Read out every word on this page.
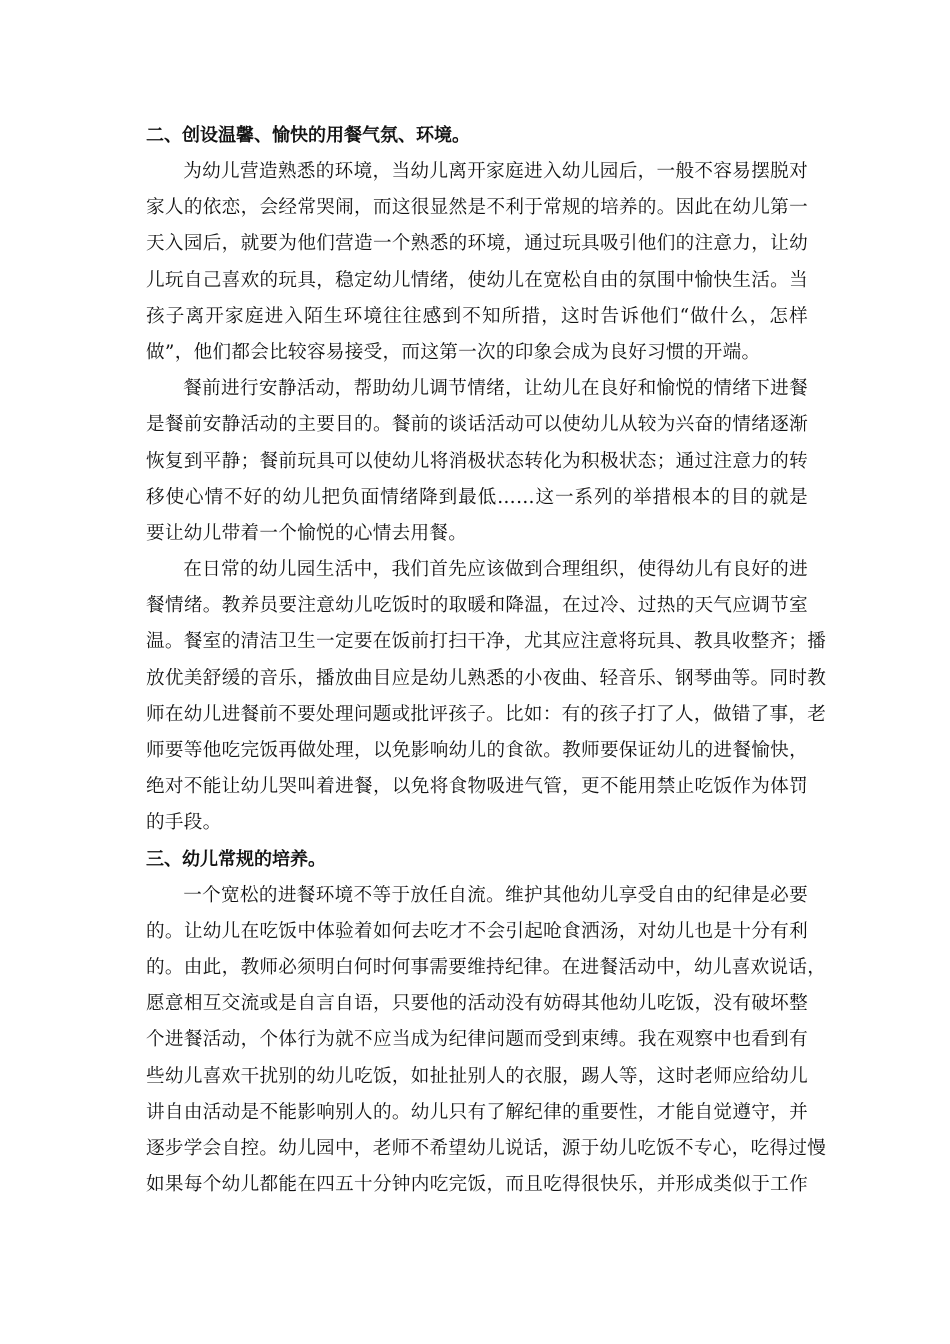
二、创设温馨、愉快的用餐气氛、环境。
为幼儿营造熟悉的环境，当幼儿离开家庭进入幼儿园后，一般不容易摆脱对
家人的依恋，会经常哭闹，而这很显然是不利于常规的培养的。因此在幼儿第一
天入园后，就要为他们营造一个熟悉的环境，通过玩具吸引他们的注意力，让幼
儿玩自己喜欢的玩具，稳定幼儿情绪，使幼儿在宽松自由的氛围中愉快生活。当
孩子离开家庭进入陌生环境往往感到不知所措，这时告诉他们“做什么，怎样
做”，他们都会比较容易接受，而这第一次的印象会成为良好习惯的开端。
餐前进行安静活动，帮助幼儿调节情绪，让幼儿在良好和愉悦的情绪下进餐
是餐前安静活动的主要目的。餐前的谈话活动可以使幼儿从较为兴奋的情绪逐渐
恢复到平静；餐前玩具可以使幼儿将消极状态转化为积极状态；通过注意力的转
移使心情不好的幼儿把负面情绪降到最低……这一系列的举措根本的目的就是
要让幼儿带着一个愉悦的心情去用餐。
在日常的幼儿园生活中，我们首先应该做到合理组织，使得幼儿有良好的进
餐情绪。教养员要注意幼儿吃饭时的取暖和降温，在过冷、过热的天气应调节室
温。餐室的清洁卫生一定要在饭前打扫干净，尤其应注意将玩具、教具收整齐；播
放优美舒缓的音乐，播放曲目应是幼儿熟悉的小夜曲、轻音乐、钢琴曲等。同时教
师在幼儿进餐前不要处理问题或批评孩子。比如：有的孩子打了人，做错了事，老
师要等他吃完饭再做处理，以免影响幼儿的食欲。教师要保证幼儿的进餐愉快，
绝对不能让幼儿哭叫着进餐，以免将食物吸进气管，更不能用禁止吃饭作为体罚
的手段。
三、幼儿常规的培养。
一个宽松的进餐环境不等于放任自流。维护其他幼儿享受自由的纪律是必要
的。让幼儿在吃饭中体验着如何去吃才不会引起呛食洒汤，对幼儿也是十分有利
的。由此，教师必须明白何时何事需要维持纪律。在进餐活动中，幼儿喜欢说话，
愿意相互交流或是自言自语，只要他的活动没有妨碍其他幼儿吃饭，没有破坏整
个进餐活动，个体行为就不应当成为纪律问题而受到束缚。我在观察中也看到有
些幼儿喜欢干扰别的幼儿吃饭，如扯扯别人的衣服，踢人等，这时老师应给幼儿
讲自由活动是不能影响别人的。幼儿只有了解纪律的重要性，才能自觉遵守，并
逐步学会自控。幼儿园中，老师不希望幼儿说话，源于幼儿吃饭不专心，吃得过慢
如果每个幼儿都能在四五十分钟内吃完饭，而且吃得很快乐，并形成类似于工作
